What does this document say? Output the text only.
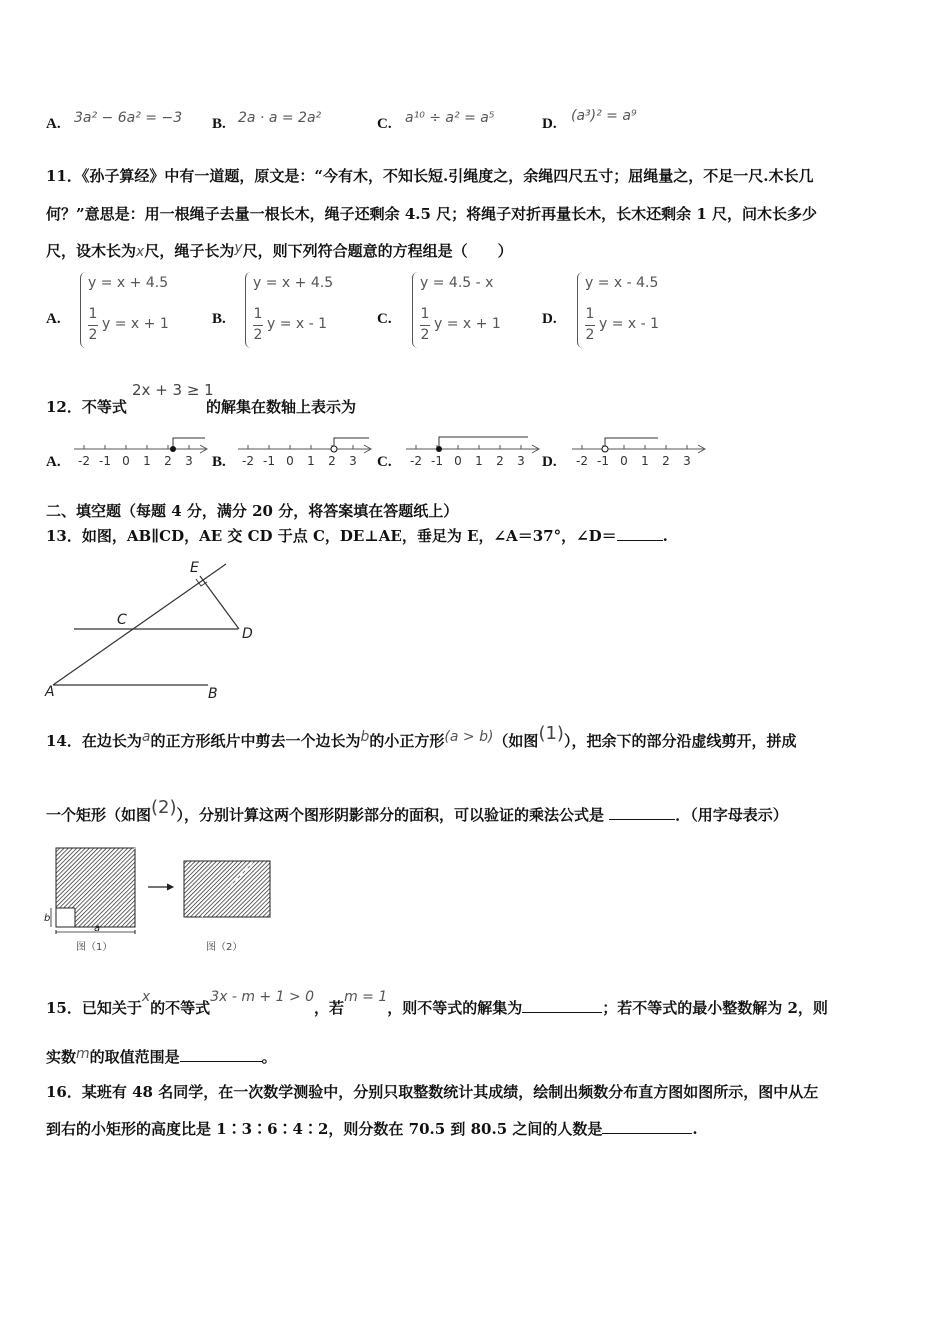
A. 3a² − 6a² = −3 B. 2a · a = 2a²	C. a¹⁰ ÷ a² = a⁵	D. (a³)² = a⁹
11．《孙子算经》中有一道题，原文是：“今有木，不知长短.引绳度之，余绳四尺五寸；屈绳量之，不足一尺.木长几
何？”意思是：用一根绳子去量一根长木，绳子还剩余 4.5 尺；将绳子对折再量长木，长木还剩余 1 尺，问木长多少
尺，设木长为x尺，绳子长为y尺，则下列符合题意的方程组是（　　）
A.
y = x + 4.5
1
2
y = x + 1	B.
y = x + 4.5
1
2
y = x - 1	C.
y = 4.5 - x
1
2
y = x + 1	D.
y = x - 4.5
1
2
y = x - 1
12．不等式
2x + 3 ≥ 1
的解集在数轴上表示为
A.	B.	C.	D.
-2 -1 0 1 2 3	-2 -1 0 1 2 3	-2 -1 0 1 2 3	-2 -1 0 1 2 3
二、填空题（每题 4 分，满分 20 分，将答案填在答题纸上）
13．如图，AB∥CD，AE 交 CD 于点 C，DE⊥AE，垂足为 E，∠A＝37°，∠D＝	.
E
C
D
A	B
14．在边长为a的正方形纸片中剪去一个边长为b的小正方形(a > b)（如图(1)），把余下的部分沿虚线剪开，拼成
一个矩形（如图(2)），分别计算这两个图形阴影部分的面积，可以验证的乘法公式是	．（用字母表示）
a
b
图（1）	图（2）
15．已知关于x的不等式3x - m + 1 > 0，若m = 1，则不等式的解集为	；若不等式的最小整数解为 2，则
实数m的取值范围是	。
16．某班有 48 名同学，在一次数学测验中，分别只取整数统计其成绩，绘制出频数分布直方图如图所示，图中从左
到右的小矩形的高度比是 1∶3∶6∶4∶2，则分数在 70.5 到 80.5 之间的人数是	.
